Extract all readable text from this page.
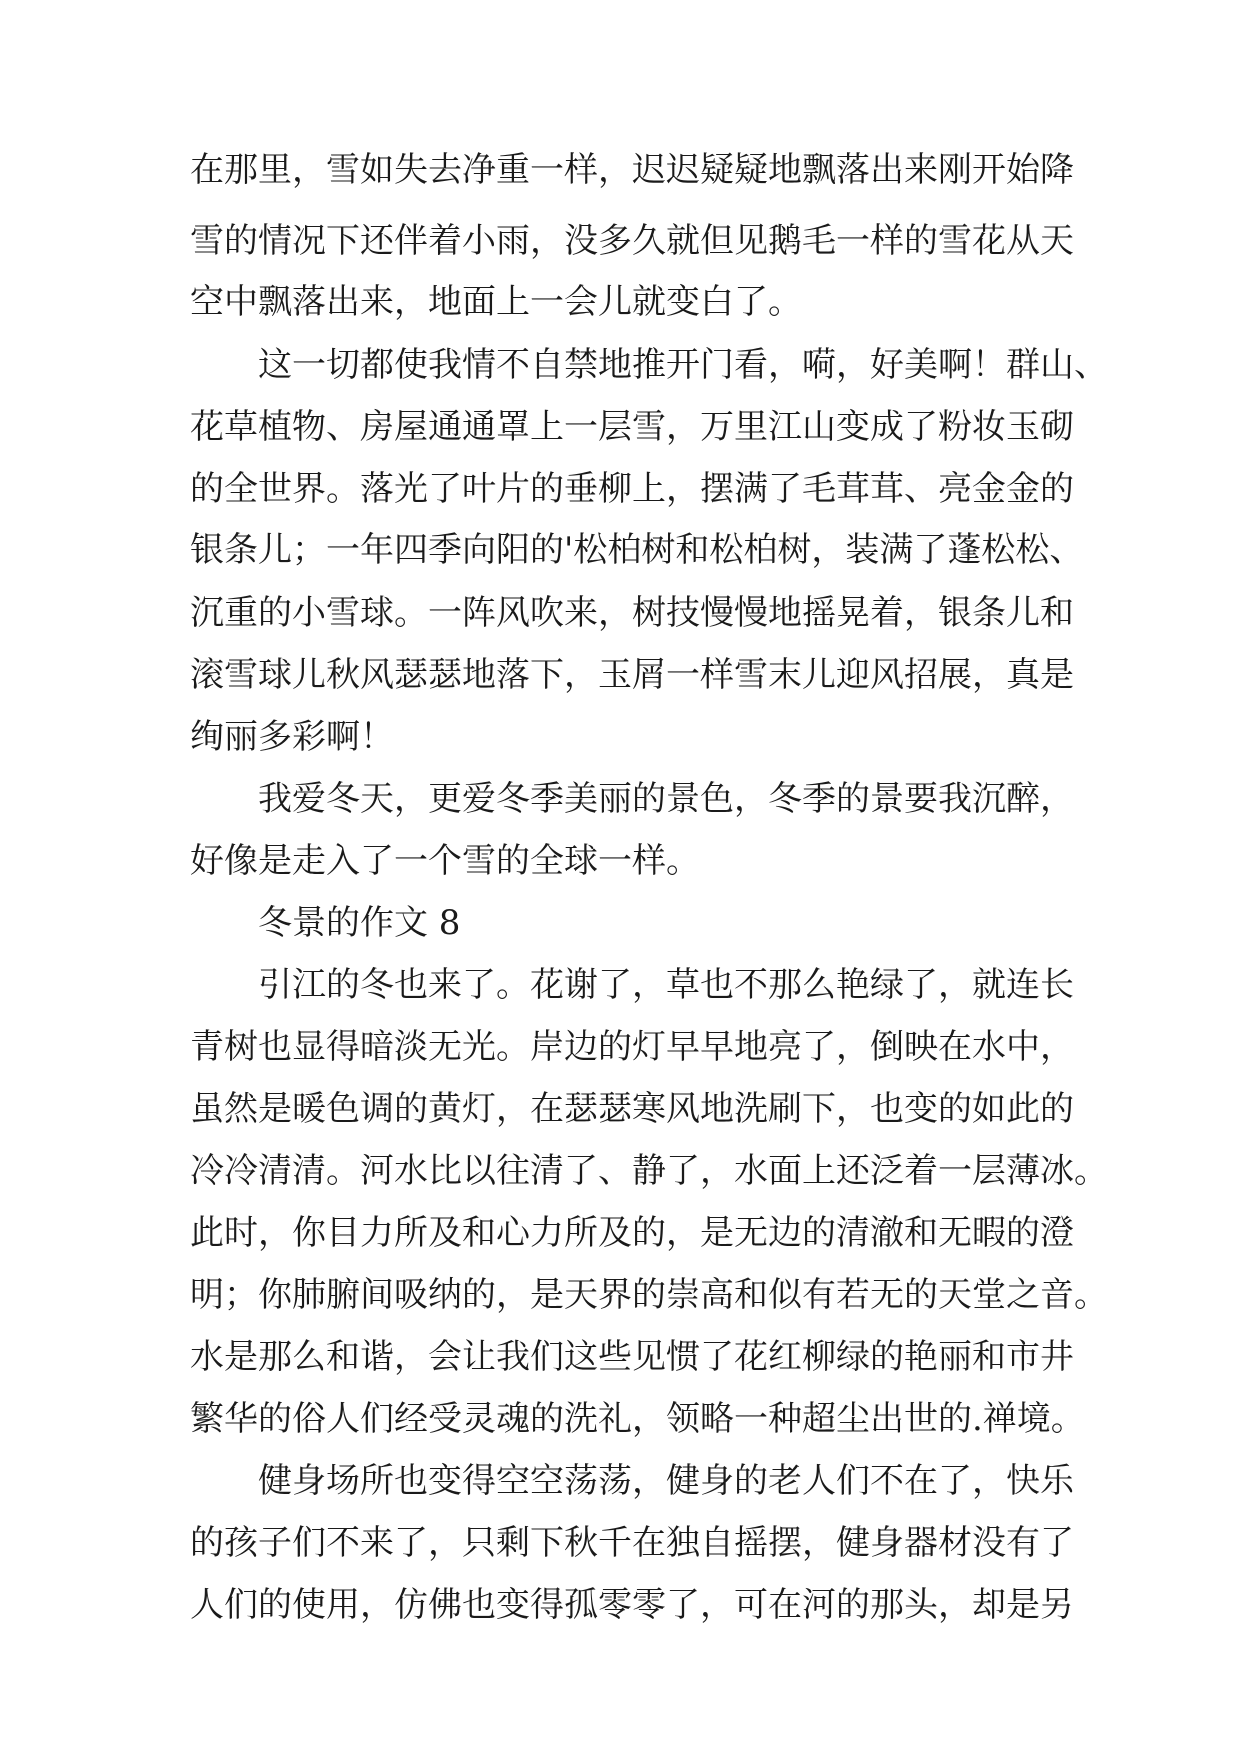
在那里，雪如失去净重一样，迟迟疑疑地飘落出来刚开始降
雪的情况下还伴着小雨，没多久就但见鹅毛一样的雪花从天
空中飘落出来，地面上一会儿就变白了。
这一切都使我情不自禁地推开门看，嗬，好美啊！群山、
花草植物、房屋通通罩上一层雪，万里江山变成了粉妆玉砌
的全世界。落光了叶片的垂柳上，摆满了毛茸茸、亮金金的
银条儿；一年四季向阳的'松柏树和松柏树，装满了蓬松松、
沉重的小雪球。一阵风吹来，树技慢慢地摇晃着，银条儿和
滚雪球儿秋风瑟瑟地落下，玉屑一样雪末儿迎风招展，真是
绚丽多彩啊！
我爱冬天，更爱冬季美丽的景色，冬季的景要我沉醉，
好像是走入了一个雪的全球一样。
冬景的作文 8
引江的冬也来了。花谢了，草也不那么艳绿了，就连长
青树也显得暗淡无光。岸边的灯早早地亮了，倒映在水中，
虽然是暖色调的黄灯，在瑟瑟寒风地洗刷下，也变的如此的
冷冷清清。河水比以往清了、静了，水面上还泛着一层薄冰。
此时，你目力所及和心力所及的，是无边的清澈和无暇的澄
明；你肺腑间吸纳的，是天界的崇高和似有若无的天堂之音。
水是那么和谐，会让我们这些见惯了花红柳绿的艳丽和市井
繁华的俗人们经受灵魂的洗礼，领略一种超尘出世的.禅境。
健身场所也变得空空荡荡，健身的老人们不在了，快乐
的孩子们不来了，只剩下秋千在独自摇摆，健身器材没有了
人们的使用，仿佛也变得孤零零了，可在河的那头，却是另
